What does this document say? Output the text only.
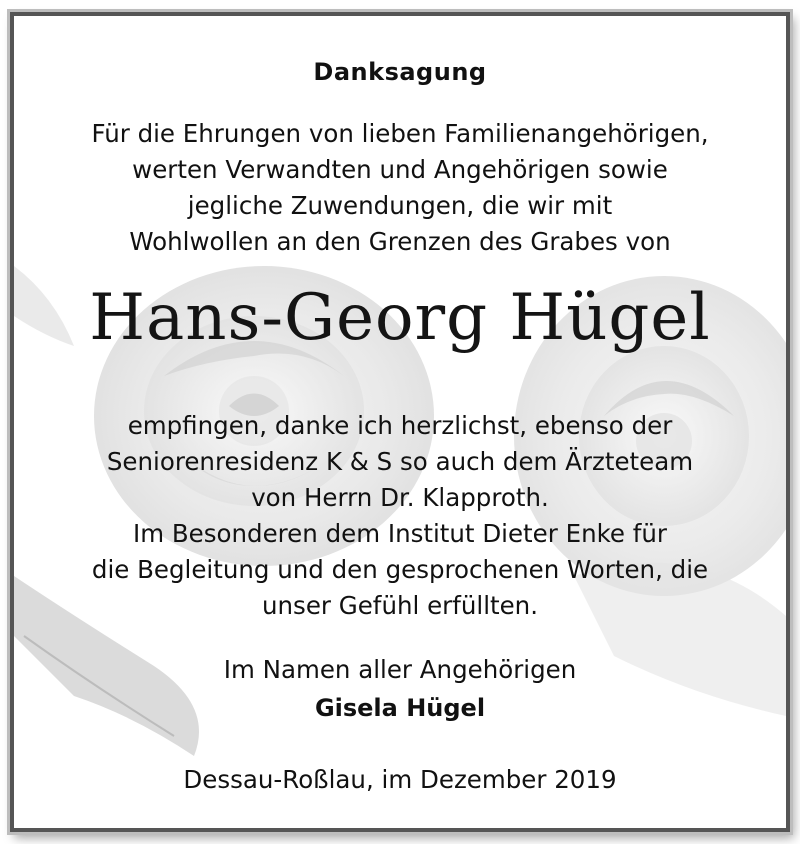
Danksagung
Für die Ehrungen von lieben Familienangehörigen,
werten Verwandten und Angehörigen sowie
jegliche Zuwendungen, die wir mit
Wohlwollen an den Grenzen des Grabes von
Hans-Georg Hügel
empfingen, danke ich herzlichst, ebenso der
Seniorenresidenz K & S so auch dem Ärzteteam
von Herrn Dr. Klapproth.
Im Besonderen dem Institut Dieter Enke für
die Begleitung und den gesprochenen Worten, die
unser Gefühl erfüllten.
Im Namen aller Angehörigen
Gisela Hügel
Dessau-Roßlau, im Dezember 2019
